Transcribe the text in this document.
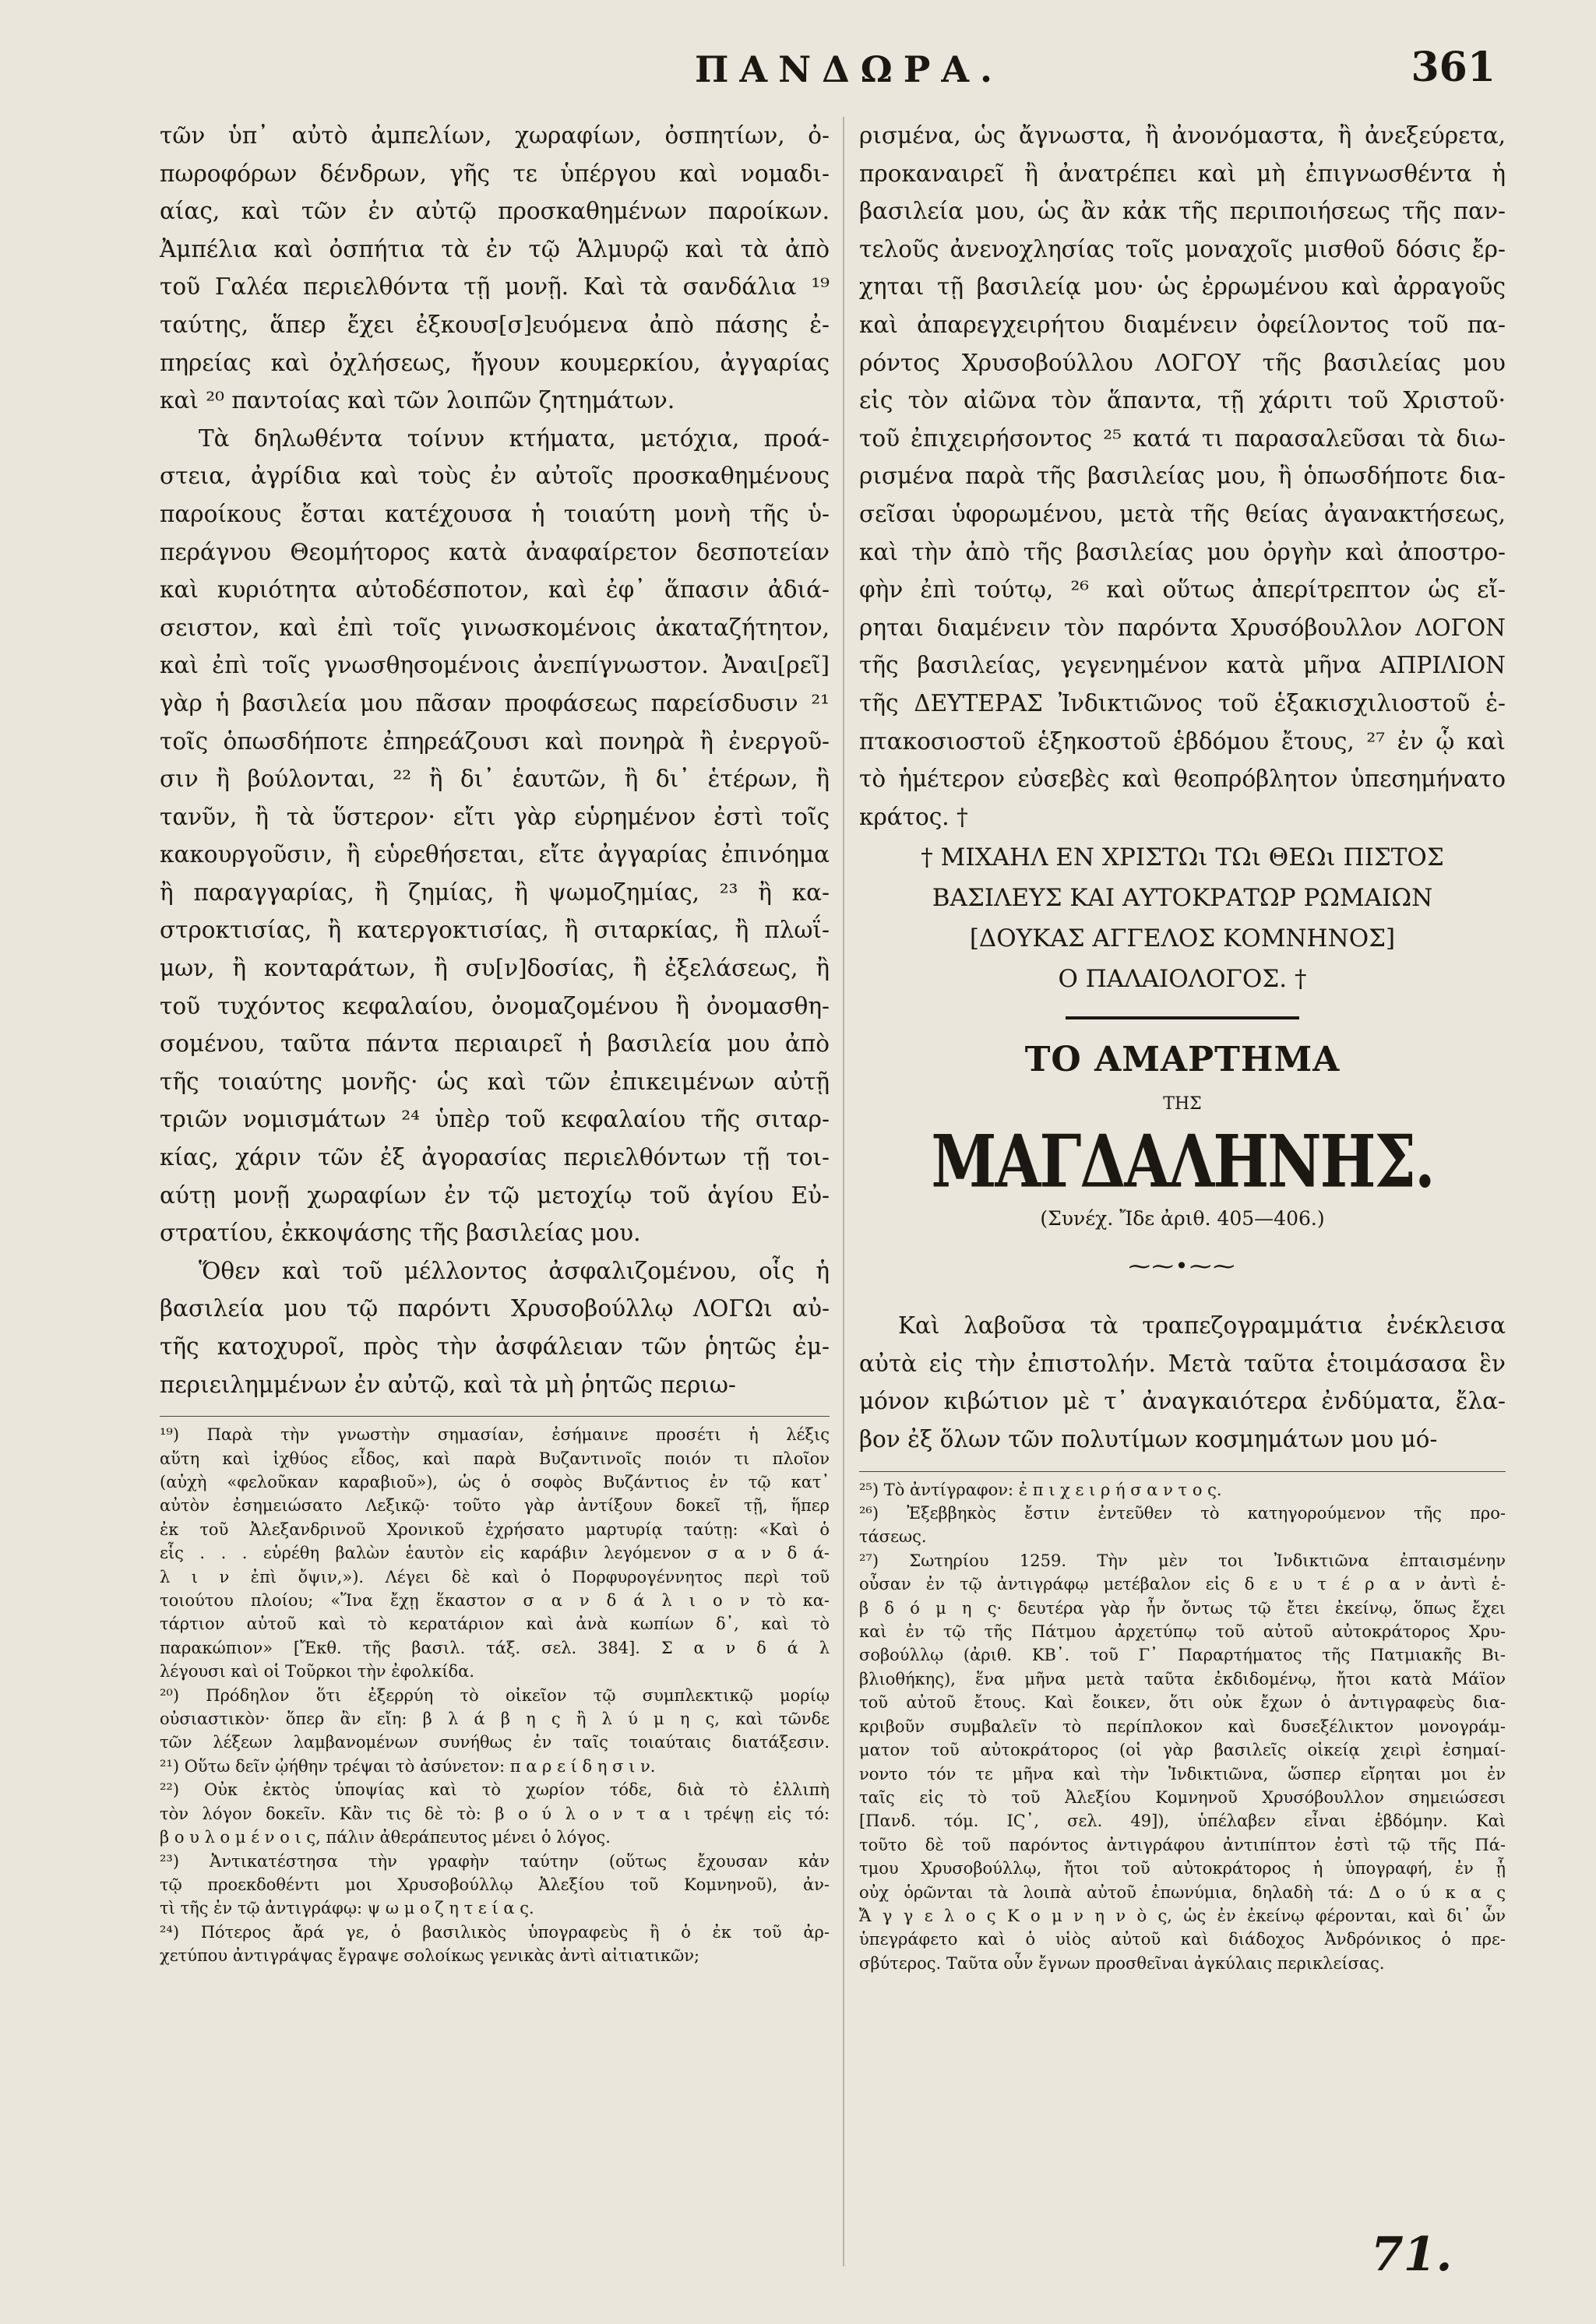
ΠΑΝΔΩΡΑ.	361
τῶν ὑπ᾽ αὐτὸ ἀμπελίων, χωραφίων, ὀσπητίων, ὀ-
πωροφόρων δένδρων, γῆς τε ὑπέργου καὶ νομαδι-
αίας, καὶ τῶν ἐν αὐτῷ προσκαθημένων παροίκων.
Ἀμπέλια καὶ ὀσπήτια τὰ ἐν τῷ Ἁλμυρῷ καὶ τὰ ἀπὸ
τοῦ Γαλέα περιελθόντα τῇ μονῇ. Καὶ τὰ σανδάλια ¹⁹
ταύτης, ἅπερ ἔχει ἐξκουσ[σ]ευόμενα ἀπὸ πάσης ἐ-
πηρείας καὶ ὀχλήσεως, ἤγουν κουμερκίου, ἀγγαρίας
καὶ ²⁰ παντοίας καὶ τῶν λοιπῶν ζητημάτων.
Τὰ δηλωθέντα τοίνυν κτήματα, μετόχια, προά-
στεια, ἀγρίδια καὶ τοὺς ἐν αὐτοῖς προσκαθημένους
παροίκους ἔσται κατέχουσα ἡ τοιαύτη μονὴ τῆς ὑ-
περάγνου Θεομήτορος κατὰ ἀναφαίρετον δεσποτείαν
καὶ κυριότητα αὐτοδέσποτον, καὶ ἐφ᾽ ἅπασιν ἀδιά-
σειστον, καὶ ἐπὶ τοῖς γινωσκομένοις ἀκαταζήτητον,
καὶ ἐπὶ τοῖς γνωσθησομένοις ἀνεπίγνωστον. Ἀναι[ρεῖ]
γὰρ ἡ βασιλεία μου πᾶσαν προφάσεως παρείσδυσιν ²¹
τοῖς ὁπωσδήποτε ἐπηρεάζουσι καὶ πονηρὰ ἢ ἐνεργοῦ-
σιν ἢ βούλονται, ²² ἢ δι᾽ ἑαυτῶν, ἢ δι᾽ ἑτέρων, ἢ
τανῦν, ἢ τὰ ὕστερον· εἴτι γὰρ εὑρημένον ἐστὶ τοῖς
κακουργοῦσιν, ἢ εὑρεθήσεται, εἴτε ἀγγαρίας ἐπινόημα
ἢ παραγγαρίας, ἢ ζημίας, ἢ ψωμοζημίας, ²³ ἢ κα-
στροκτισίας, ἢ κατεργοκτισίας, ἢ σιταρκίας, ἢ πλωΐ-
μων, ἢ κονταράτων, ἢ συ[ν]δοσίας, ἢ ἐξελάσεως, ἢ
τοῦ τυχόντος κεφαλαίου, ὀνομαζομένου ἢ ὀνομασθη-
σομένου, ταῦτα πάντα περιαιρεῖ ἡ βασιλεία μου ἀπὸ
τῆς τοιαύτης μονῆς· ὡς καὶ τῶν ἐπικειμένων αὐτῇ
τριῶν νομισμάτων ²⁴ ὑπὲρ τοῦ κεφαλαίου τῆς σιταρ-
κίας, χάριν τῶν ἐξ ἀγορασίας περιελθόντων τῇ τοι-
αύτῃ μονῇ χωραφίων ἐν τῷ μετοχίῳ τοῦ ἁγίου Εὐ-
στρατίου, ἐκκοψάσης τῆς βασιλείας μου.
Ὅθεν καὶ τοῦ μέλλοντος ἀσφαλιζομένου, οἷς ἡ
βασιλεία μου τῷ παρόντι Χρυσοβούλλῳ ΛΟΓΩι αὐ-
τῆς κατοχυροῖ, πρὸς τὴν ἀσφάλειαν τῶν ῥητῶς ἐμ-
περιειλημμένων ἐν αὐτῷ, καὶ τὰ μὴ ῥητῶς περιω-
¹⁹) Παρὰ τὴν γνωστὴν σημασίαν, ἐσήμαινε προσέτι ἡ λέξις
αὕτη καὶ ἰχθύος εἶδος, καὶ παρὰ Βυζαντινοῖς ποιόν τι πλοῖον
(αὐχὴ «φελοῦκαν καραβιοῦ»), ὡς ὁ σοφὸς Βυζάντιος ἐν τῷ κατ᾽
αὐτὸν ἐσημειώσατο Λεξικῷ· τοῦτο γὰρ ἀντίξουν δοκεῖ τῇ, ἥπερ
ἐκ τοῦ Ἀλεξανδρινοῦ Χρονικοῦ ἐχρήσατο μαρτυρίᾳ ταύτῃ: «Καὶ ὁ
εἷς . . . εὑρέθη βαλὼν ἑαυτὸν εἰς καράβιν λεγόμενον σ α ν δ ά-
λ ι ν ἐπὶ ὄψιν,»). Λέγει δὲ καὶ ὁ Πορφυρογέννητος περὶ τοῦ
τοιούτου πλοίου; «Ἵνα ἔχῃ ἕκαστον σ α ν δ ά λ ι ο ν τὸ κα-
τάρτιον αὐτοῦ καὶ τὸ κερατάριον καὶ ἀνὰ κωπίων δ᾽, καὶ τὸ
παρακώπιον» [Ἔκθ. τῆς βασιλ. τάξ. σελ. 384]. Σ α ν δ ά λ
λέγουσι καὶ οἱ Τοῦρκοι τὴν ἐφολκίδα.
²⁰) Πρόδηλον ὅτι ἐξερρύη τὸ οἰκεῖον τῷ συμπλεκτικῷ μορίῳ
οὐσιαστικὸν· ὅπερ ἂν εἴη: β λ ά β η ς ἢ λ ύ μ η ς, καὶ τῶνδε
τῶν λέξεων λαμβανομένων συνήθως ἐν ταῖς τοιαύταις διατάξεσιν.
²¹) Οὕτω δεῖν ᾠήθην τρέψαι τὸ ἀσύνετον: π α ρ ε ί δ η σ ι ν.
²²) Οὐκ ἐκτὸς ὑποψίας καὶ τὸ χωρίον τόδε, διὰ τὸ ἐλλιπὴ
τὸν λόγον δοκεῖν. Κἂν τις δὲ τὸ: β ο ύ λ ο ν τ α ι τρέψῃ εἰς τό:
β ο υ λ ο μ έ ν ο ι ς, πάλιν ἀθεράπευτος μένει ὁ λόγος.
²³) Ἀντικατέστησα τὴν γραφὴν ταύτην (οὕτως ἔχουσαν κἀν
τῷ προεκδοθέντι μοι Χρυσοβούλλῳ Ἀλεξίου τοῦ Κομνηνοῦ), ἀν-
τὶ τῆς ἐν τῷ ἀντιγράφῳ: ψ ω μ ο ζ η τ ε ί α ς.
²⁴) Πότερος ἄρά γε, ὁ βασιλικὸς ὑπογραφεὺς ἢ ὁ ἐκ τοῦ ἀρ-
χετύπου ἀντιγράψας ἔγραψε σολοίκως γενικὰς ἀντὶ αἰτιατικῶν;
ρισμένα, ὡς ἄγνωστα, ἢ ἀνονόμαστα, ἢ ἀνεξεύρετα,
προκαναιρεῖ ἢ ἀνατρέπει καὶ μὴ ἐπιγνωσθέντα ἡ
βασιλεία μου, ὡς ἂν κἀκ τῆς περιποιήσεως τῆς παν-
τελοῦς ἀνενοχλησίας τοῖς μοναχοῖς μισθοῦ δόσις ἔρ-
χηται τῇ βασιλείᾳ μου· ὡς ἐρρωμένου καὶ ἀρραγοῦς
καὶ ἀπαρεγχειρήτου διαμένειν ὀφείλοντος τοῦ πα-
ρόντος Χρυσοβούλλου ΛΟΓΟΥ τῆς βασιλείας μου
εἰς τὸν αἰῶνα τὸν ἅπαντα, τῇ χάριτι τοῦ Χριστοῦ·
τοῦ ἐπιχειρήσοντος ²⁵ κατά τι παρασαλεῦσαι τὰ διω-
ρισμένα παρὰ τῆς βασιλείας μου, ἢ ὁπωσδήποτε δια-
σεῖσαι ὑφορωμένου, μετὰ τῆς θείας ἀγανακτήσεως,
καὶ τὴν ἀπὸ τῆς βασιλείας μου ὀργὴν καὶ ἀποστρο-
φὴν ἐπὶ τούτῳ, ²⁶ καὶ οὕτως ἀπερίτρεπτον ὡς εἴ-
ρηται διαμένειν τὸν παρόντα Χρυσόβουλλον ΛΟΓΟΝ
τῆς βασιλείας, γεγενημένον κατὰ μῆνα ΑΠΡΙΛΙΟΝ
τῆς ΔΕΥΤΕΡΑΣ Ἰνδικτιῶνος τοῦ ἑξακισχιλιοστοῦ ἑ-
πτακοσιοστοῦ ἑξηκοστοῦ ἑβδόμου ἔτους, ²⁷ ἐν ᾧ καὶ
τὸ ἡμέτερον εὐσεβὲς καὶ θεοπρόβλητον ὑπεσημήνατο
κράτος. †
† ΜΙΧΑΗΛ ΕΝ ΧΡΙΣΤΩι ΤΩι ΘΕΩι ΠΙΣΤΟΣ
ΒΑΣΙΛΕΥΣ ΚΑΙ ΑΥΤΟΚΡΑΤΩΡ ΡΩΜΑΙΩΝ
[ΔΟΥΚΑΣ ΑΓΓΕΛΟΣ ΚΟΜΝΗΝΟΣ]
Ο ΠΑΛΑΙΟΛΟΓΟΣ. †
ΤΟ ΑΜΑΡΤΗΜΑ
ΤΗΣ
ΜΑΓΔΑΛΗΝΗΣ.
(Συνέχ. Ἴδε ἀριθ. 405—406.)
⁓⁓•⁓⁓
Καὶ λαβοῦσα τὰ τραπεζογραμμάτια ἐνέκλεισα
αὐτὰ εἰς τὴν ἐπιστολήν. Μετὰ ταῦτα ἑτοιμάσασα ἓν
μόνον κιβώτιον μὲ τ᾽ ἀναγκαιότερα ἐνδύματα, ἔλα-
βον ἐξ ὅλων τῶν πολυτίμων κοσμημάτων μου μό-
²⁵) Τὸ ἀντίγραφον: ἐ π ι χ ε ι ρ ή σ α ν τ ο ς.
²⁶) Ἐξεββηκὸς ἔστιν ἐντεῦθεν τὸ κατηγορούμενον τῆς προ-
τάσεως.
²⁷) Σωτηρίου 1259. Τὴν μὲν τοι Ἰνδικτιῶνα ἐπταισμένην
οὖσαν ἐν τῷ ἀντιγράφῳ μετέβαλον εἰς δ ε υ τ έ ρ α ν ἀντὶ ἑ-
β δ ό μ η ς· δευτέρα γὰρ ἦν ὄντως τῷ ἔτει ἐκείνῳ, ὅπως ἔχει
καὶ ἐν τῷ τῆς Πάτμου ἀρχετύπῳ τοῦ αὐτοῦ αὐτοκράτορος Χρυ-
σοβούλλῳ (ἀριθ. ΚΒ᾽. τοῦ Γ᾽ Παραρτήματος τῆς Πατμιακῆς Βι-
βλιοθήκης), ἕνα μῆνα μετὰ ταῦτα ἐκδιδομένῳ, ἤτοι κατὰ Μάϊον
τοῦ αὐτοῦ ἔτους. Καὶ ἔοικεν, ὅτι οὐκ ἔχων ὁ ἀντιγραφεὺς δια-
κριβοῦν συμβαλεῖν τὸ περίπλοκον καὶ δυσεξέλικτον μονογράμ-
ματον τοῦ αὐτοκράτορος (οἱ γὰρ βασιλεῖς οἰκείᾳ χειρὶ ἐσημαί-
νοντο τόν τε μῆνα καὶ τὴν Ἰνδικτιῶνα, ὥσπερ εἴρηται μοι ἐν
ταῖς εἰς τὸ τοῦ Ἀλεξίου Κομνηνοῦ Χρυσόβουλλον σημειώσεσι
[Πανδ. τόμ. ΙϚ᾽, σελ. 49]), ὑπέλαβεν εἶναι ἑβδόμην. Καὶ
τοῦτο δὲ τοῦ παρόντος ἀντιγράφου ἀντιπίπτον ἐστὶ τῷ τῆς Πά-
τμου Χρυσοβούλλῳ, ἤτοι τοῦ αὐτοκράτορος ἡ ὑπογραφή, ἐν ᾗ
οὐχ ὁρῶνται τὰ λοιπὰ αὐτοῦ ἐπωνύμια, δηλαδὴ τά: Δ ο ύ κ α ς
Ἄ γ γ ε λ ο ς Κ ο μ ν η ν ὸ ς, ὡς ἐν ἐκείνῳ φέρονται, καὶ δι᾽ ὧν
ὑπεγράφετο καὶ ὁ υἱὸς αὐτοῦ καὶ διάδοχος Ἀνδρόνικος ὁ πρε-
σβύτερος. Ταῦτα οὖν ἔγνων προσθεῖναι ἀγκύλαις περικλείσας.
71.
